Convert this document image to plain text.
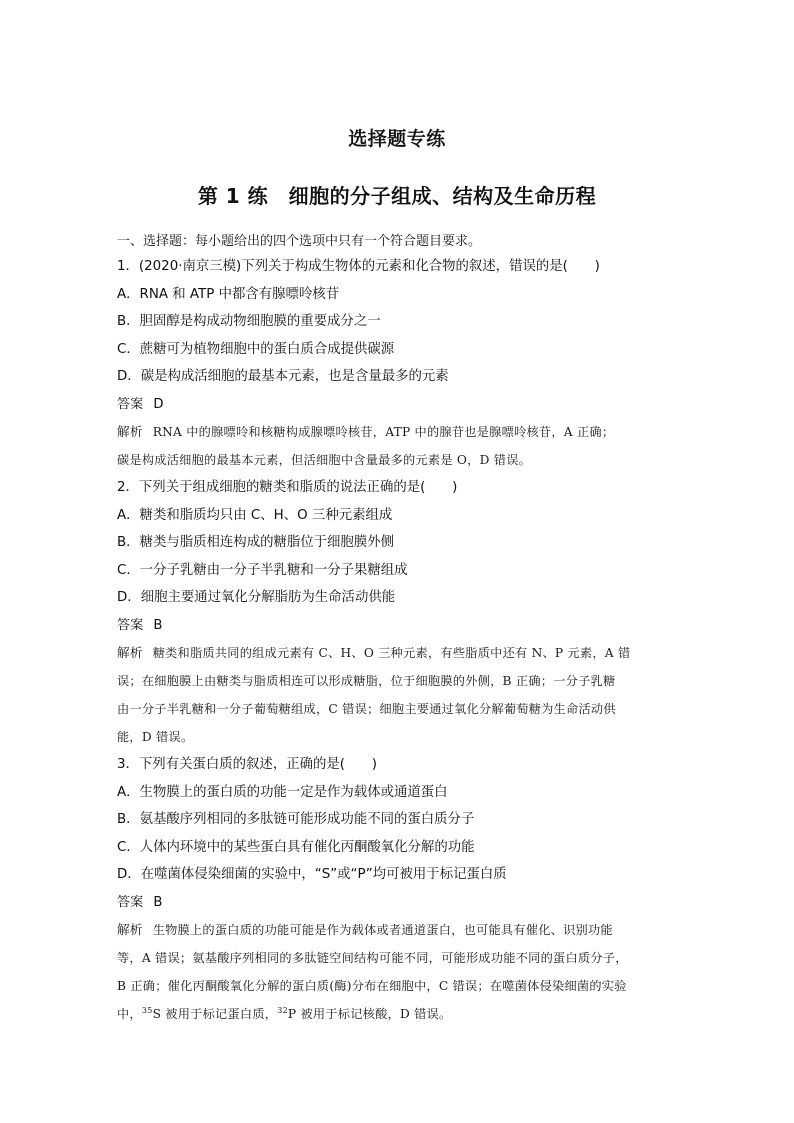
选择题专练
第 1 练　细胞的分子组成、结构及生命历程
一、选择题：每小题给出的四个选项中只有一个符合题目要求。
1．(2020·南京三模)下列关于构成生物体的元素和化合物的叙述，错误的是(　　)
A．RNA 和 ATP 中都含有腺嘌呤核苷
B．胆固醇是构成动物细胞膜的重要成分之一
C．蔗糖可为植物细胞中的蛋白质合成提供碳源
D．碳是构成活细胞的最基本元素，也是含量最多的元素
答案 D

解析 RNA 中的腺嘌呤和核糖构成腺嘌呤核苷，ATP 中的腺苷也是腺嘌呤核苷，A 正确；

碳是构成活细胞的最基本元素，但活细胞中含量最多的元素是 O，D 错误。

2．下列关于组成细胞的糖类和脂质的说法正确的是(　　)
A．糖类和脂质均只由 C、H、O 三种元素组成
B．糖类与脂质相连构成的糖脂位于细胞膜外侧
C．一分子乳糖由一分子半乳糖和一分子果糖组成
D．细胞主要通过氧化分解脂肪为生命活动供能
答案 B

解析 糖类和脂质共同的组成元素有 C、H、O 三种元素，有些脂质中还有 N、P 元素，A 错

误；在细胞膜上由糖类与脂质相连可以形成糖脂，位于细胞膜的外侧，B 正确；一分子乳糖

由一分子半乳糖和一分子葡萄糖组成，C 错误；细胞主要通过氧化分解葡萄糖为生命活动供

能，D 错误。

3．下列有关蛋白质的叙述，正确的是(　　)
A．生物膜上的蛋白质的功能一定是作为载体或通道蛋白
B．氨基酸序列相同的多肽链可能形成功能不同的蛋白质分子
C．人体内环境中的某些蛋白具有催化丙酮酸氧化分解的功能
D．在噬菌体侵染细菌的实验中，“S”或“P”均可被用于标记蛋白质
答案 B

解析 生物膜上的蛋白质的功能可能是作为载体或者通道蛋白，也可能具有催化、识别功能

等，A 错误；氨基酸序列相同的多肽链空间结构可能不同，可能形成功能不同的蛋白质分子，

B 正确；催化丙酮酸氧化分解的蛋白质(酶)分布在细胞中，C 错误；在噬菌体侵染细菌的实验

中，$^{35}$S 被用于标记蛋白质，$^{32}$P 被用于标记核酸，D 错误。
